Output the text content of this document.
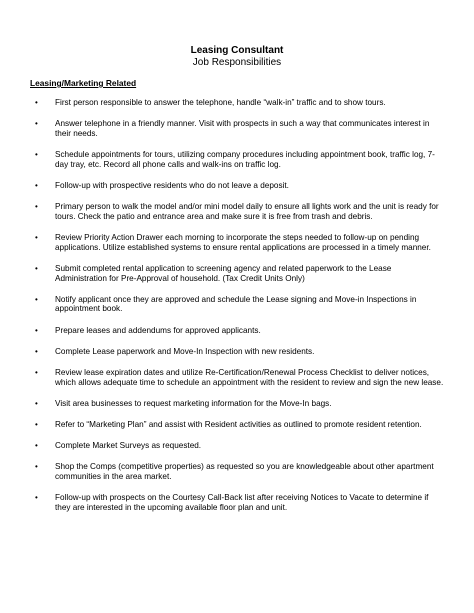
Leasing Consultant
Job Responsibilities
Leasing/Marketing Related
• First person responsible to answer the telephone, handle “walk-in” traffic and to show tours.
• Answer telephone in a friendly manner. Visit with prospects in such a way that communicates interest in their needs.
• Schedule appointments for tours, utilizing company procedures including appointment book, traffic log, 7-day tray, etc. Record all phone calls and walk-ins on traffic log.
• Follow-up with prospective residents who do not leave a deposit.
• Primary person to walk the model and/or mini model daily to ensure all lights work and the unit is ready for tours. Check the patio and entrance area and make sure it is free from trash and debris.
• Review Priority Action Drawer each morning to incorporate the steps needed to follow-up on pending applications. Utilize established systems to ensure rental applications are processed in a timely manner.
• Submit completed rental application to screening agency and related paperwork to the Lease Administration for Pre-Approval of household. (Tax Credit Units Only)
• Notify applicant once they are approved and schedule the Lease signing and Move-in Inspections in appointment book.
• Prepare leases and addendums for approved applicants.
• Complete Lease paperwork and Move-In Inspection with new residents.
• Review lease expiration dates and utilize Re-Certification/Renewal Process Checklist to deliver notices, which allows adequate time to schedule an appointment with the resident to review and sign the new lease.
• Visit area businesses to request marketing information for the Move-In bags.
• Refer to “Marketing Plan” and assist with Resident activities as outlined to promote resident retention.
• Complete Market Surveys as requested.
• Shop the Comps (competitive properties) as requested so you are knowledgeable about other apartment communities in the area market.
• Follow-up with prospects on the Courtesy Call-Back list after receiving Notices to Vacate to determine if they are interested in the upcoming available floor plan and unit.
